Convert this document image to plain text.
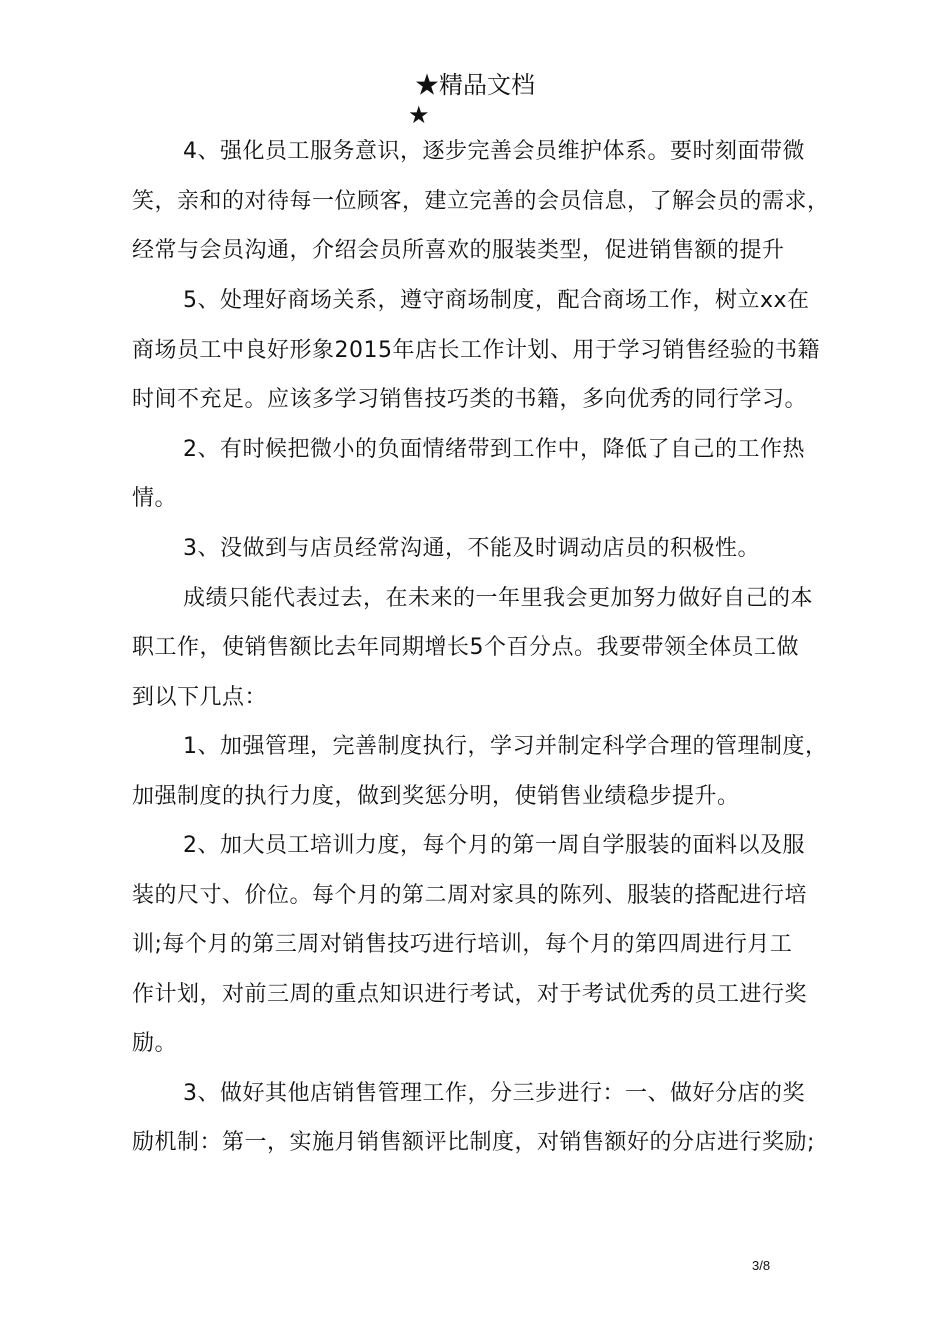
★精品文档
★
4、强化员工服务意识，逐步完善会员维护体系。要时刻面带微
笑，亲和的对待每一位顾客，建立完善的会员信息，了解会员的需求，
经常与会员沟通，介绍会员所喜欢的服装类型，促进销售额的提升
5、处理好商场关系，遵守商场制度，配合商场工作，树立xx在
商场员工中良好形象2015年店长工作计划、用于学习销售经验的书籍
时间不充足。应该多学习销售技巧类的书籍，多向优秀的同行学习。
2、有时候把微小的负面情绪带到工作中，降低了自己的工作热
情。
3、没做到与店员经常沟通，不能及时调动店员的积极性。
成绩只能代表过去，在未来的一年里我会更加努力做好自己的本
职工作，使销售额比去年同期增长5个百分点。我要带领全体员工做
到以下几点：
1、加强管理，完善制度执行，学习并制定科学合理的管理制度，
加强制度的执行力度，做到奖惩分明，使销售业绩稳步提升。
2、加大员工培训力度，每个月的第一周自学服装的面料以及服
装的尺寸、价位。每个月的第二周对家具的陈列、服装的搭配进行培
训;每个月的第三周对销售技巧进行培训，每个月的第四周进行月工
作计划，对前三周的重点知识进行考试，对于考试优秀的员工进行奖
励。
3、做好其他店销售管理工作，分三步进行：一、做好分店的奖
励机制：第一，实施月销售额评比制度，对销售额好的分店进行奖励;
3/8
